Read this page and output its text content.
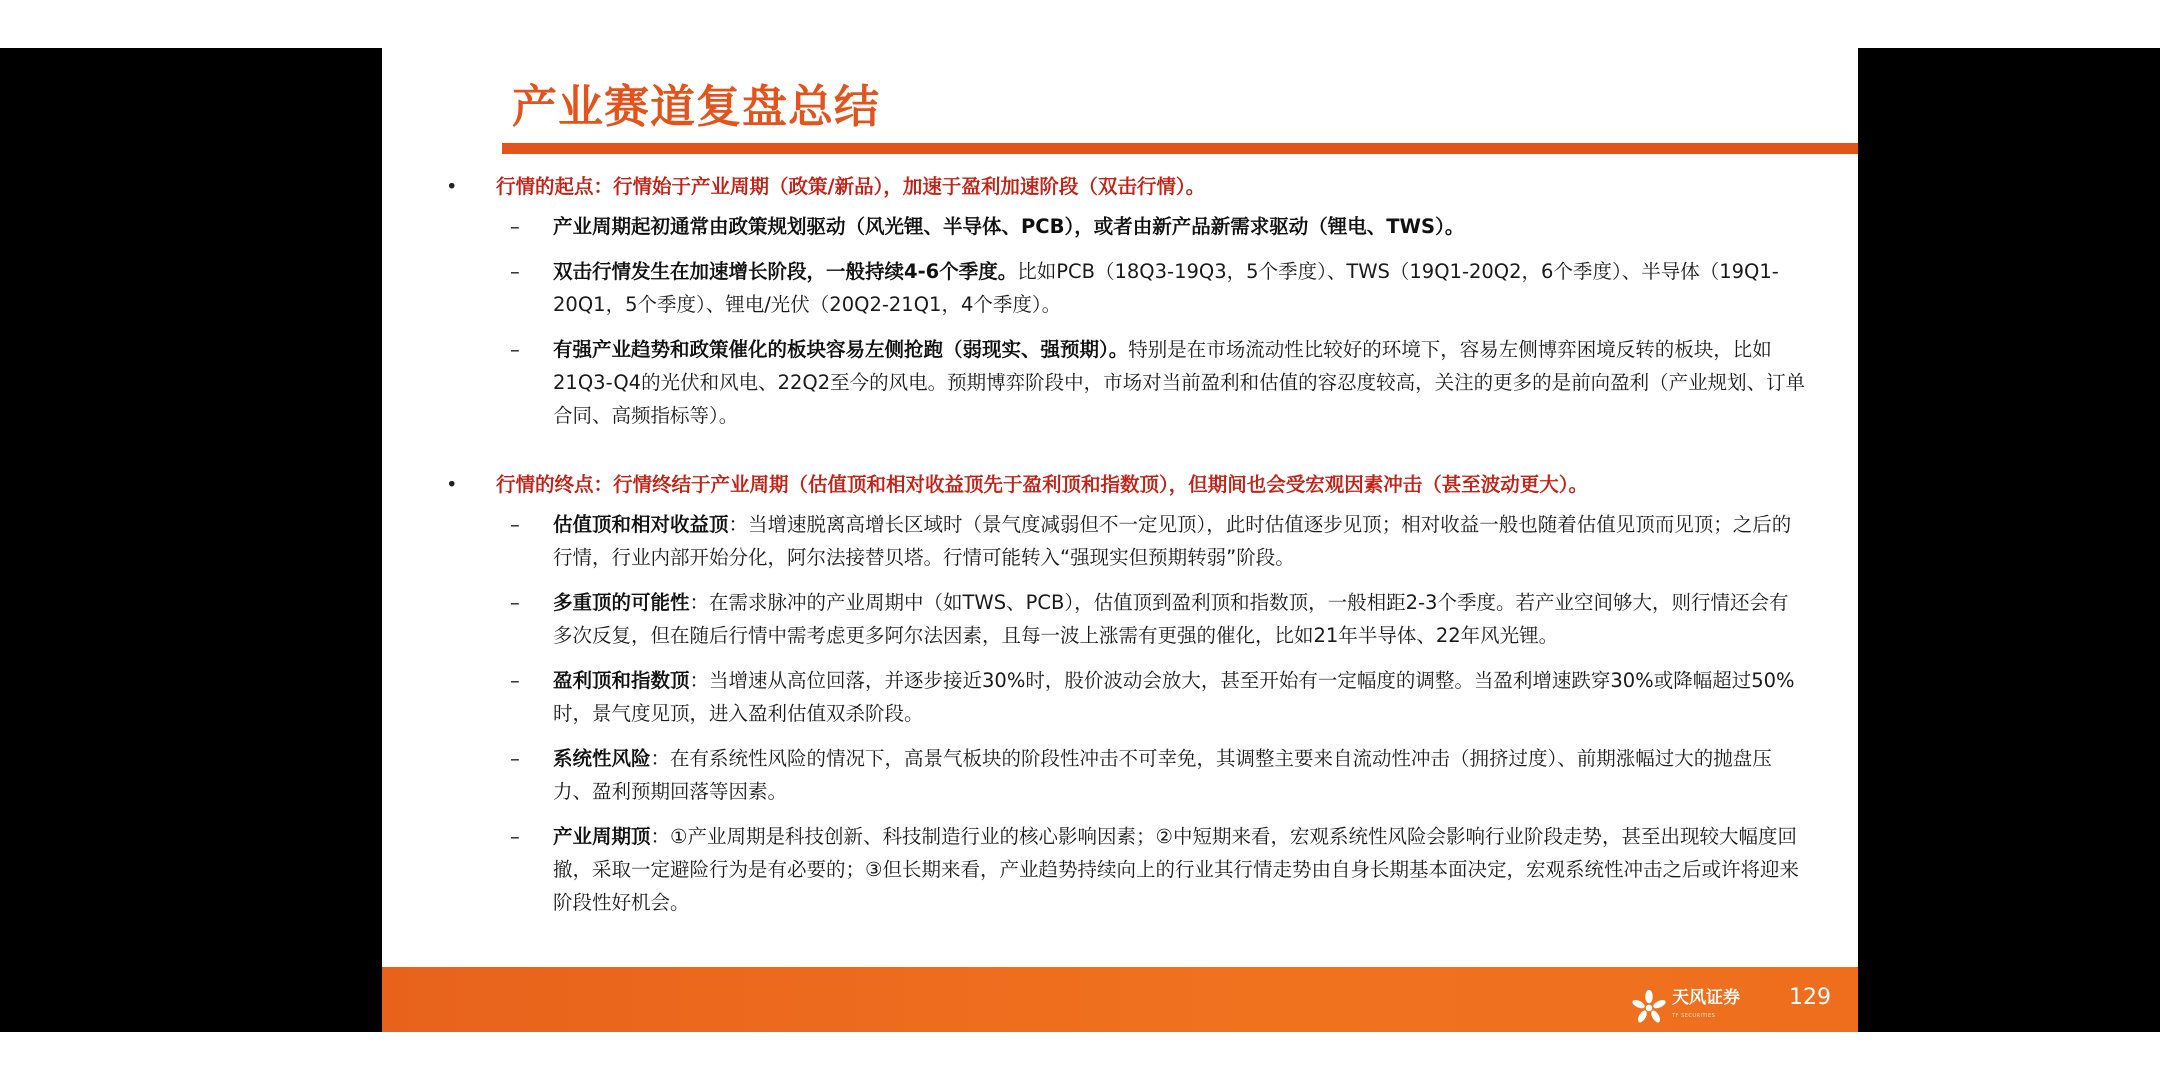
产业赛道复盘总结
• 行情的起点：行情始于产业周期（政策/新品），加速于盈利加速阶段（双击行情）。
– 产业周期起初通常由政策规划驱动（风光锂、半导体、PCB），或者由新产品新需求驱动（锂电、TWS）。
– 双击行情发生在加速增长阶段，一般持续4-6个季度。比如PCB（18Q3-19Q3，5个季度）、TWS（19Q1-20Q2，6个季度）、半导体（19Q1-20Q1，5个季度）、锂电/光伏（20Q2-21Q1，4个季度）。
– 有强产业趋势和政策催化的板块容易左侧抢跑（弱现实、强预期）。特别是在市场流动性比较好的环境下，容易左侧博弈困境反转的板块，比如21Q3-Q4的光伏和风电、22Q2至今的风电。预期博弈阶段中，市场对当前盈利和估值的容忍度较高，关注的更多的是前向盈利（产业规划、订单合同、高频指标等）。
• 行情的终点：行情终结于产业周期（估值顶和相对收益顶先于盈利顶和指数顶），但期间也会受宏观因素冲击（甚至波动更大）。
– 估值顶和相对收益顶：当增速脱离高增长区域时（景气度减弱但不一定见顶），此时估值逐步见顶；相对收益一般也随着估值见顶而见顶；之后的行情，行业内部开始分化，阿尔法接替贝塔。行情可能转入“强现实但预期转弱”阶段。
– 多重顶的可能性：在需求脉冲的产业周期中（如TWS、PCB），估值顶到盈利顶和指数顶，一般相距2-3个季度。若产业空间够大，则行情还会有多次反复，但在随后行情中需考虑更多阿尔法因素，且每一波上涨需有更强的催化，比如21年半导体、22年风光锂。
– 盈利顶和指数顶：当增速从高位回落，并逐步接近30%时，股价波动会放大，甚至开始有一定幅度的调整。当盈利增速跌穿30%或降幅超过50%时，景气度见顶，进入盈利估值双杀阶段。
– 系统性风险：在有系统性风险的情况下，高景气板块的阶段性冲击不可幸免，其调整主要来自流动性冲击（拥挤过度）、前期涨幅过大的抛盘压力、盈利预期回落等因素。
– 产业周期顶：①产业周期是科技创新、科技制造行业的核心影响因素；②中短期来看，宏观系统性风险会影响行业阶段走势，甚至出现较大幅度回撤，采取一定避险行为是有必要的；③但长期来看，产业趋势持续向上的行业其行情走势由自身长期基本面决定，宏观系统性冲击之后或许将迎来阶段性好机会。
天风证券
TF SECURITIES
129
